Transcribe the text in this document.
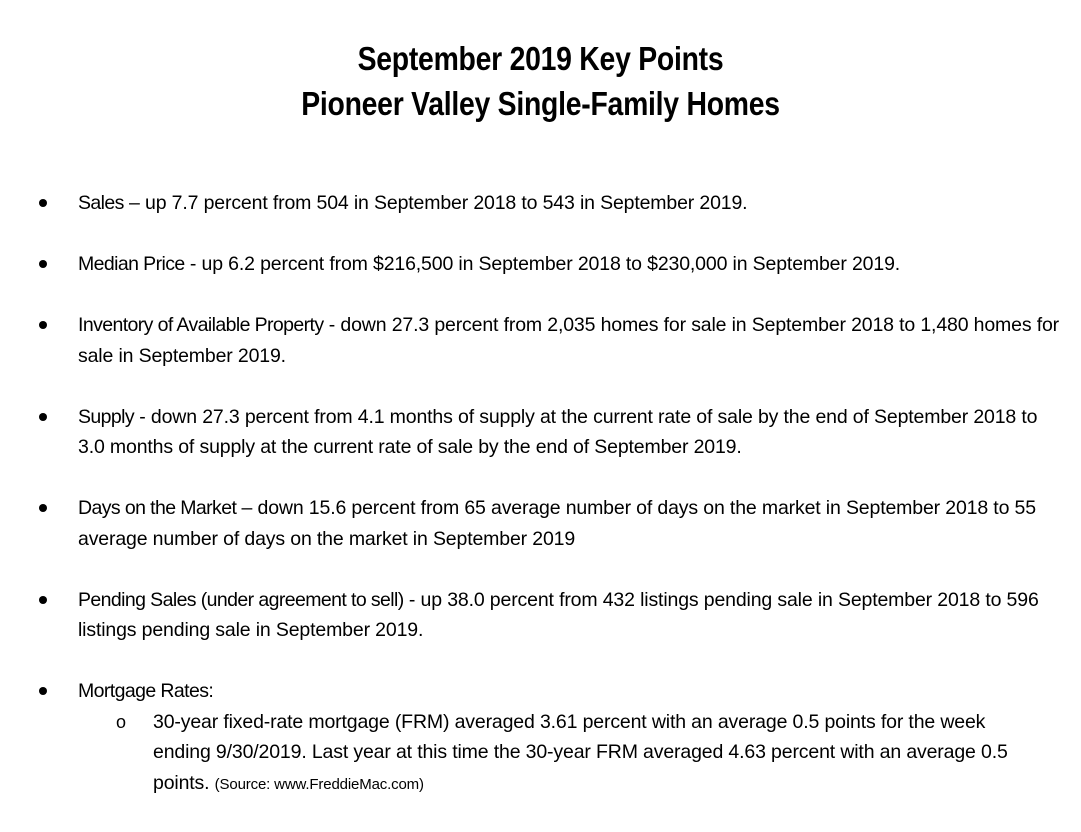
September 2019 Key Points
Pioneer Valley Single-Family Homes
Sales – up 7.7 percent from 504 in September 2018 to 543 in September 2019.
Median Price - up 6.2 percent from $216,500 in September 2018 to $230,000 in September 2019.
Inventory of Available Property - down 27.3 percent from 2,035 homes for sale in September 2018 to 1,480 homes for sale in September 2019.
Supply - down 27.3 percent from 4.1 months of supply at the current rate of sale by the end of September 2018 to 3.0 months of supply at the current rate of sale by the end of September 2019.
Days on the Market – down 15.6 percent from 65 average number of days on the market in September 2018 to 55 average number of days on the market in September 2019
Pending Sales (under agreement to sell) - up 38.0 percent from 432 listings pending sale in September 2018 to 596 listings pending sale in September 2019.
Mortgage Rates:
o 30-year fixed-rate mortgage (FRM) averaged 3.61 percent with an average 0.5 points for the week ending 9/30/2019. Last year at this time the 30-year FRM averaged 4.63 percent with an average 0.5 points. (Source: www.FreddieMac.com)
